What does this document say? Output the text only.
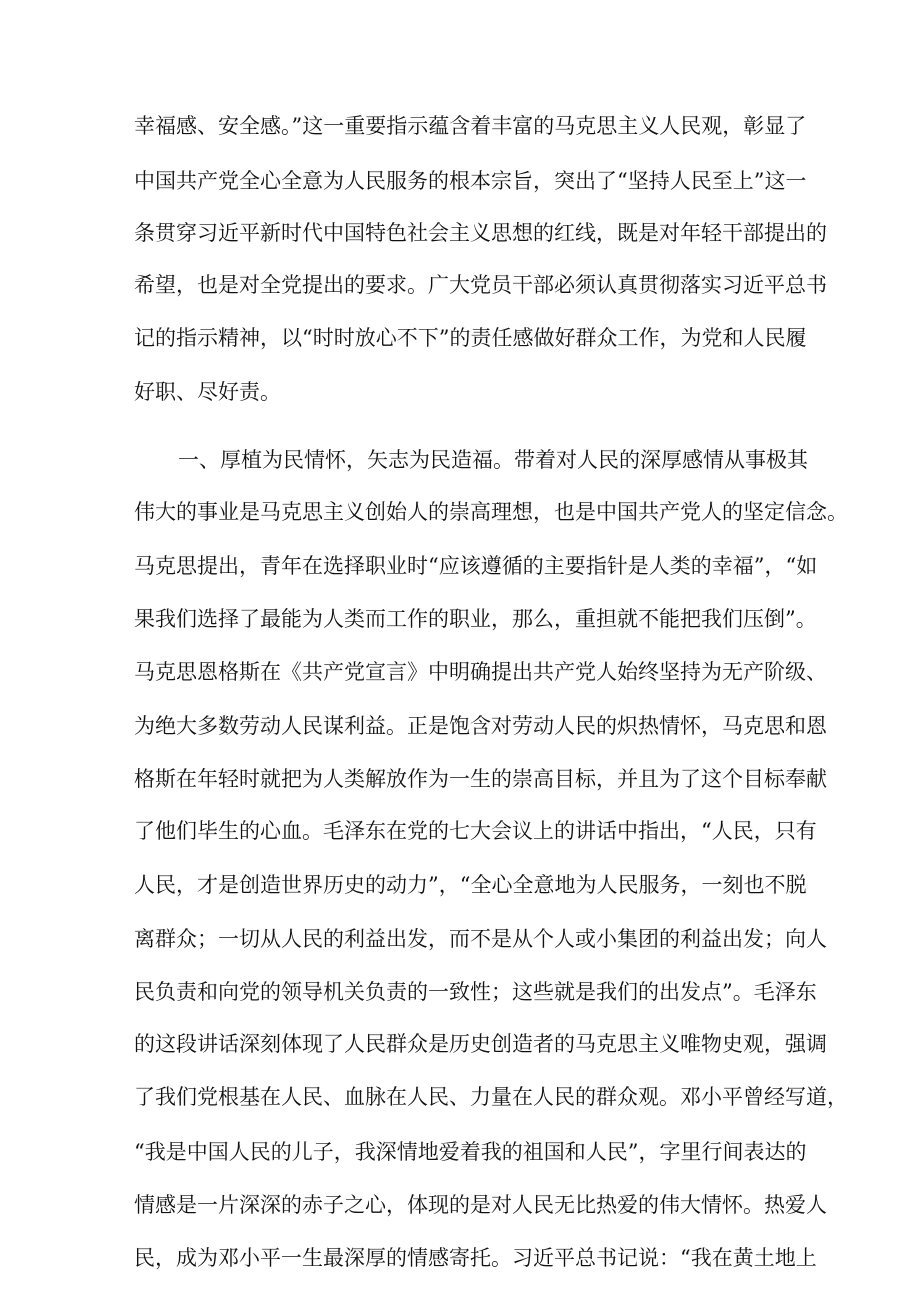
幸福感、安全感。”这一重要指示蕴含着丰富的马克思主义人民观，彰显了

中国共产党全心全意为人民服务的根本宗旨，突出了“坚持人民至上”这一

条贯穿习近平新时代中国特色社会主义思想的红线，既是对年轻干部提出的

希望，也是对全党提出的要求。广大党员干部必须认真贯彻落实习近平总书

记的指示精神，以“时时放心不下”的责任感做好群众工作，为党和人民履

好职、尽好责。

一、厚植为民情怀，矢志为民造福。带着对人民的深厚感情从事极其

伟大的事业是马克思主义创始人的崇高理想，也是中国共产党人的坚定信念。

马克思提出，青年在选择职业时“应该遵循的主要指针是人类的幸福”，“如

果我们选择了最能为人类而工作的职业，那么，重担就不能把我们压倒”。

马克思恩格斯在《共产党宣言》中明确提出共产党人始终坚持为无产阶级、

为绝大多数劳动人民谋利益。正是饱含对劳动人民的炽热情怀，马克思和恩

格斯在年轻时就把为人类解放作为一生的崇高目标，并且为了这个目标奉献

了他们毕生的心血。毛泽东在党的七大会议上的讲话中指出，“人民，只有

人民，才是创造世界历史的动力”，“全心全意地为人民服务，一刻也不脱

离群众；一切从人民的利益出发，而不是从个人或小集团的利益出发；向人

民负责和向党的领导机关负责的一致性；这些就是我们的出发点”。毛泽东

的这段讲话深刻体现了人民群众是历史创造者的马克思主义唯物史观，强调

了我们党根基在人民、血脉在人民、力量在人民的群众观。邓小平曾经写道，

“我是中国人民的儿子，我深情地爱着我的祖国和人民”，字里行间表达的

情感是一片深深的赤子之心，体现的是对人民无比热爱的伟大情怀。热爱人

民，成为邓小平一生最深厚的情感寄托。习近平总书记说：“我在黄土地上
